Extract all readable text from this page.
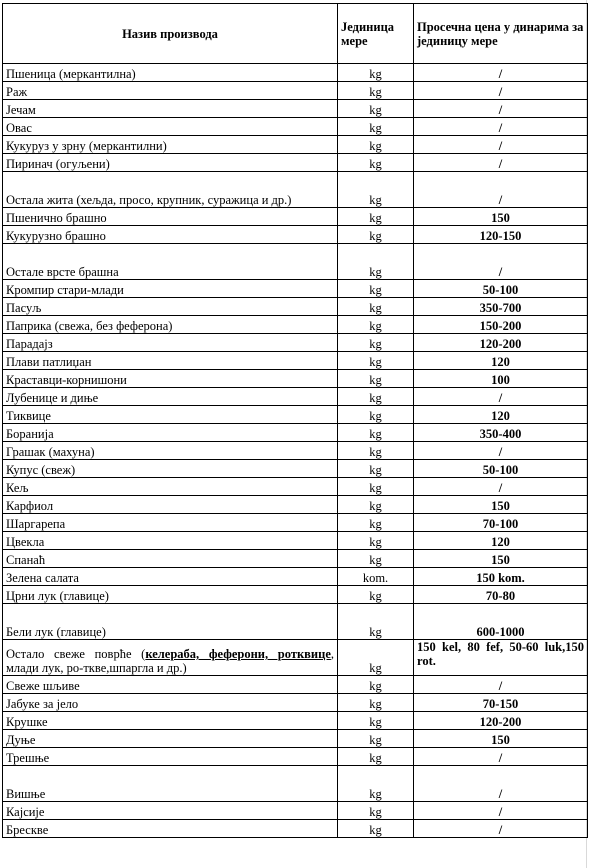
Назив производа	Јединица мере	Просечна цена у динарима за јединицу мере
Пшеница (меркантилна)	kg	/
Раж	kg	/
Јечам	kg	/
Овас	kg	/
Кукуруз у зрну (меркантилни)	kg	/
Пиринач (огуљени)	kg	/
Остала жита (хељда, просо, крупник, суражица и др.)	kg	/
Пшенично брашно	kg	150
Кукурузно брашно	kg	120-150
Остале врсте брашна	kg	/
Кромпир стари-млади	kg	50-100
Пасуљ	kg	350-700
Паприка (свежа, без феферона)	kg	150-200
Парадајз	kg	120-200
Плави патлиџан	kg	120
Краставци-корнишони	kg	100
Лубенице и диње	kg	/
Тиквице	kg	120
Боранија	kg	350-400
Грашак (махуна)	kg	/
Купус (свеж)	kg	50-100
Кељ	kg	/
Карфиол	kg	150
Шаргарепа	kg	70-100
Цвекла	kg	120
Спанаћ	kg	150
Зелена салата	kom.	150 kom.
Црни лук (главице)	kg	70-80
Бели лук (главице)	kg	600-1000
Остало свеже поврће (келераба, феферони, ротквице, млади лук, ро-ткве,шпаргла и др.)	kg	150 kel, 80 fef, 50-60 luk,150 rot.
Свеже шљиве	kg	/
Јабуке за јело	kg	70-150
Крушке	kg	120-200
Дуње	kg	150
Трешње	kg	/
Вишње	kg	/
Кајсије	kg	/
Брескве	kg	/
